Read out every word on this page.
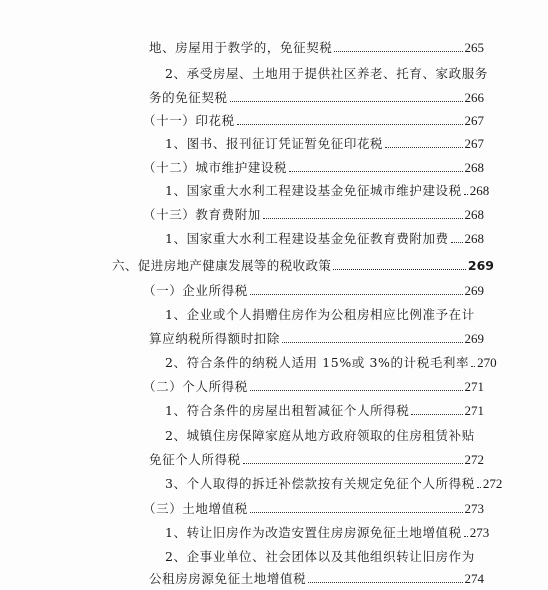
地、房屋用于教学的，免征契税	265
2、承受房屋、土地用于提供社区养老、托育、家政服务
务的免征契税	266
（十一）印花税	267
1、图书、报刊征订凭证暂免征印花税	267
（十二）城市维护建设税	268
1、国家重大水利工程建设基金免征城市维护建设税 268
（十三）教育费附加	268
1、国家重大水利工程建设基金免征教育费附加费 268
六、促进房地产健康发展等的税收政策	269
（一）企业所得税	269
1、企业或个人捐赠住房作为公租房相应比例准予在计
算应纳税所得额时扣除	269
2、符合条件的纳税人适用 15%或 3%的计税毛利率 270
（二）个人所得税	271
1、符合条件的房屋出租暂减征个人所得税	271
2、城镇住房保障家庭从地方政府领取的住房租赁补贴
免征个人所得税	272
3、个人取得的拆迁补偿款按有关规定免征个人所得税 272
（三）土地增值税	273
1、转让旧房作为改造安置住房房源免征土地增值税 273
2、企事业单位、社会团体以及其他组织转让旧房作为
公租房房源免征土地增值税	274
